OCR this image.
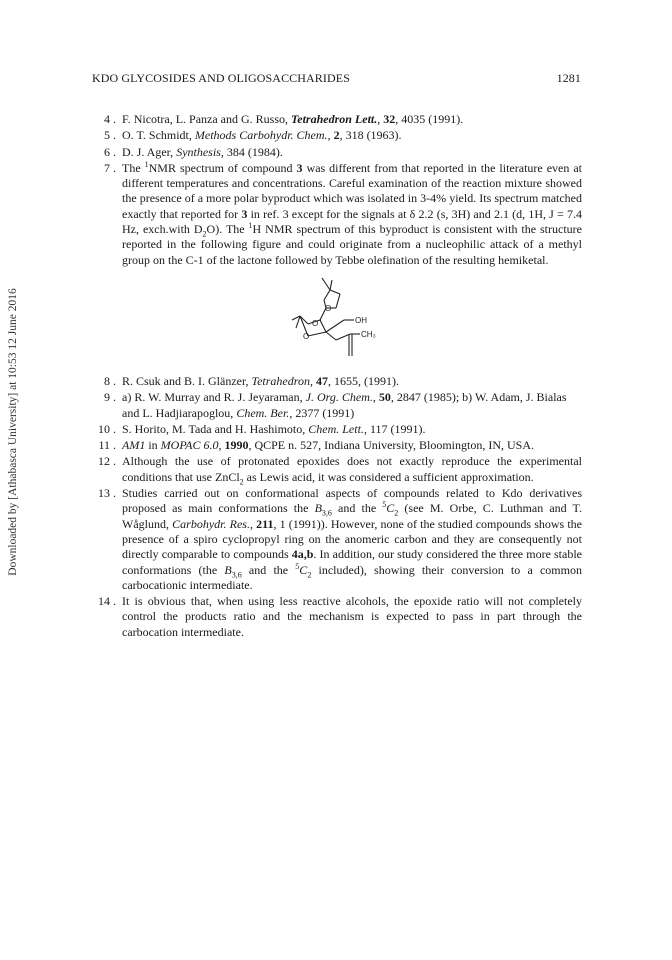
Downloaded by [Athabasca University] at 10:53 12 June 2016
KDO GLYCOSIDES AND OLIGOSACCHARIDES	1281
4 . F. Nicotra, L. Panza and G. Russo, Tetrahedron Lett., 32, 4035 (1991).
5 . O. T. Schmidt, Methods Carbohydr. Chem., 2, 318 (1963).
6 . D. J. Ager, Synthesis, 384 (1984).
7 . The $^1$NMR spectrum of compound 3 was different from that reported in the literature even at different temperatures and concentrations. Careful examination of the reaction mixture showed the presence of a more polar byproduct which was isolated in 3-4% yield. Its spectrum matched exactly that reported for 3 in ref. 3 except for the signals at δ 2.2 (s, 3H) and 2.1 (d, 1H, J = 7.4 Hz, exch.with $D_2O$). The $^1$H NMR spectrum of this byproduct is consistent with the structure reported in the following figure and could originate from a nucleophilic attack of a methyl group on the C-1 of the lactone followed by Tebbe olefination of the resulting hemiketal.
O
O
O
OH
CH₃
8 . R. Csuk and B. I. Glänzer, Tetrahedron, 47, 1655, (1991).
9 . a) R. W. Murray and R. J. Jeyaraman, J. Org. Chem., 50, 2847 (1985); b) W. Adam, J. Bialas and L. Hadjiarapoglou, Chem. Ber., 2377 (1991)
10 . S. Horito, M. Tada and H. Hashimoto, Chem. Lett., 117 (1991).
11 . AM1 in MOPAC 6.0, 1990, QCPE n. 527, Indiana University, Bloomington, IN, USA.
12 . Although the use of protonated epoxides does not exactly reproduce the experimental conditions that use ZnCl$_2$ as Lewis acid, it was considered a sufficient approximation.
13 . Studies carried out on conformational aspects of compounds related to Kdo derivatives proposed as main conformations the $B_{3,6}$ and the $^5C_2$ (see M. Orbe, C. Luthman and T. Wåglund, Carbohydr. Res., 211, 1 (1991)). However, none of the studied compounds shows the presence of a spiro cyclopropyl ring on the anomeric carbon and they are consequently not directly comparable to compounds 4a,b. In addition, our study considered the three more stable conformations (the $B_{3,6}$ and the $^5C_2$ included), showing their conversion to a common carbocationic intermediate.
14 . It is obvious that, when using less reactive alcohols, the epoxide ratio will not completely control the products ratio and the mechanism is expected to pass in part through the carbocation intermediate.
